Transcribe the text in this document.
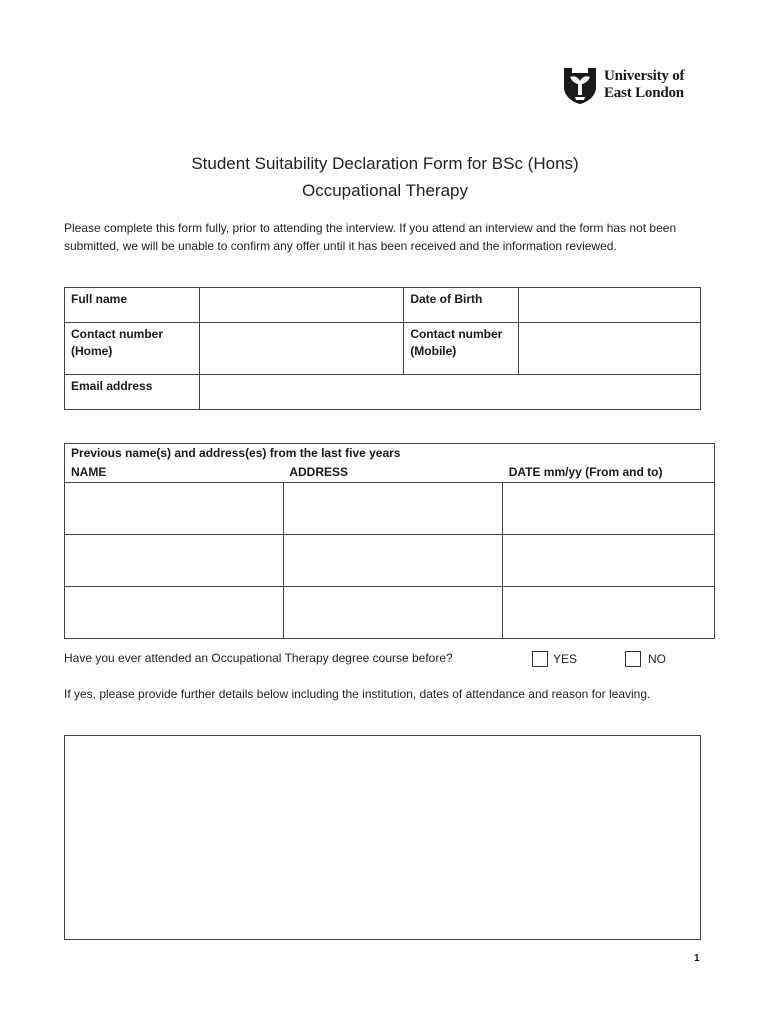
University of
East London
Student Suitability Declaration Form for BSc (Hons)
Occupational Therapy
Please complete this form fully, prior to attending the interview. If you attend an interview and the form has not been submitted, we will be unable to confirm any offer until it has been received and the information reviewed.
Full name		Date of Birth	
Contact number (Home)		Contact number (Mobile)	
Email address			
Previous name(s) and address(es) from the last five years		
NAME	ADDRESS	DATE mm/yy (From and to)

Have you ever attended an Occupational Therapy degree course before?	YES	NO
If yes, please provide further details below including the institution, dates of attendance and reason for leaving.
1
